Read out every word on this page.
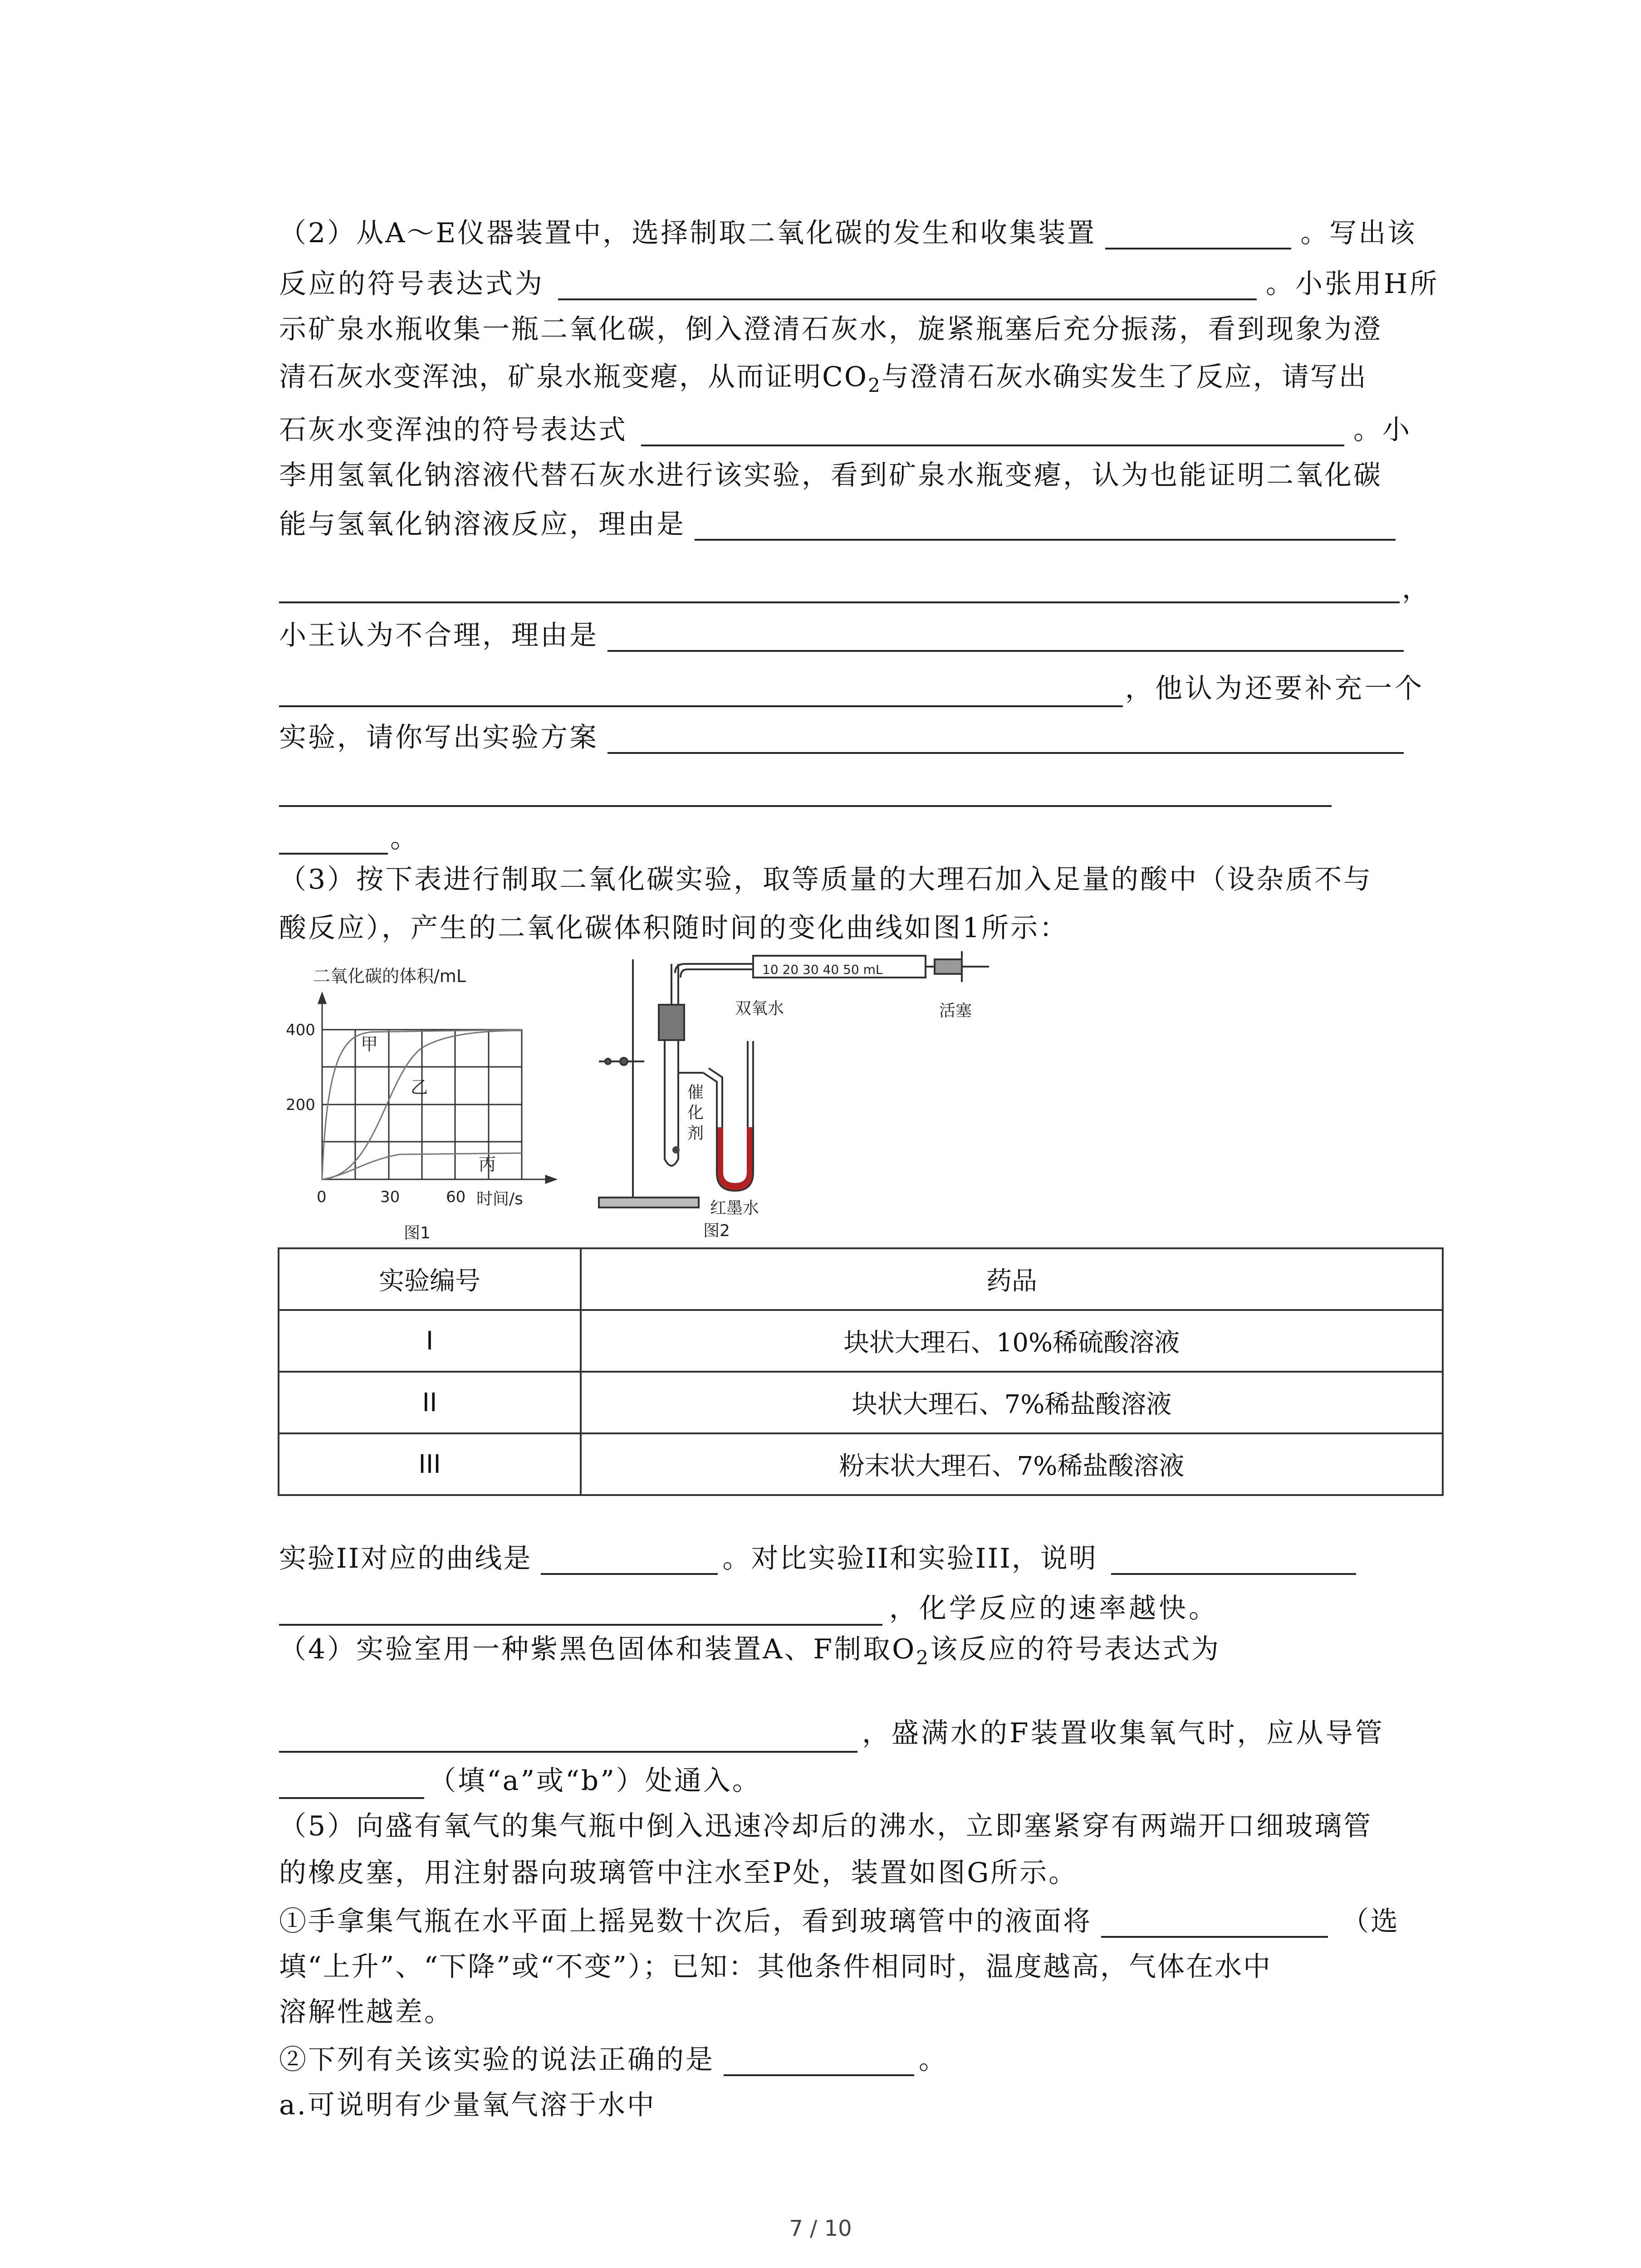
（2）从A～E仪器装置中，选择制取二氧化碳的发生和收集装置	。写出该
反应的符号表达式为	。小张用H所
示矿泉水瓶收集一瓶二氧化碳，倒入澄清石灰水，旋紧瓶塞后充分振荡，看到现象为澄
清石灰水变浑浊，矿泉水瓶变瘪，从而证明$CO_2$与澄清石灰水确实发生了反应，请写出
石灰水变浑浊的符号表达式	。小
李用氢氧化钠溶液代替石灰水进行该实验，看到矿泉水瓶变瘪，认为也能证明二氧化碳
能与氢氧化钠溶液反应，理由是
，
小王认为不合理，理由是
，他认为还要补充一个
实验，请你写出实验方案
。
（3）按下表进行制取二氧化碳实验，取等质量的大理石加入足量的酸中（设杂质不与
酸反应），产生的二氧化碳体积随时间的变化曲线如图1所示：
二氧化碳的体积/mL
甲
乙
丙
400
200
0	30	60 时间/s
图1
10 20 30 40 50 mL
双氧水	活塞
催
化
剂
红墨水
图2
实验编号	药品
I	块状大理石、10%稀硫酸溶液
II	块状大理石、7%稀盐酸溶液
III	粉末状大理石、7%稀盐酸溶液
实验II对应的曲线是	。对比实验II和实验III，说明
，化学反应的速率越快。
（4）实验室用一种紫黑色固体和装置A、F制取$O_2$该反应的符号表达式为
，盛满水的F装置收集氧气时，应从导管
（填“a”或“b”）处通入。
（5）向盛有氧气的集气瓶中倒入迅速冷却后的沸水，立即塞紧穿有两端开口细玻璃管
的橡皮塞，用注射器向玻璃管中注水至P处，装置如图G所示。
①手拿集气瓶在水平面上摇晃数十次后，看到玻璃管中的液面将	（选
填“上升”、“下降”或“不变”）；已知：其他条件相同时，温度越高，气体在水中
溶解性越差。
②下列有关该实验的说法正确的是	。
a.可说明有少量氧气溶于水中
7 / 10
